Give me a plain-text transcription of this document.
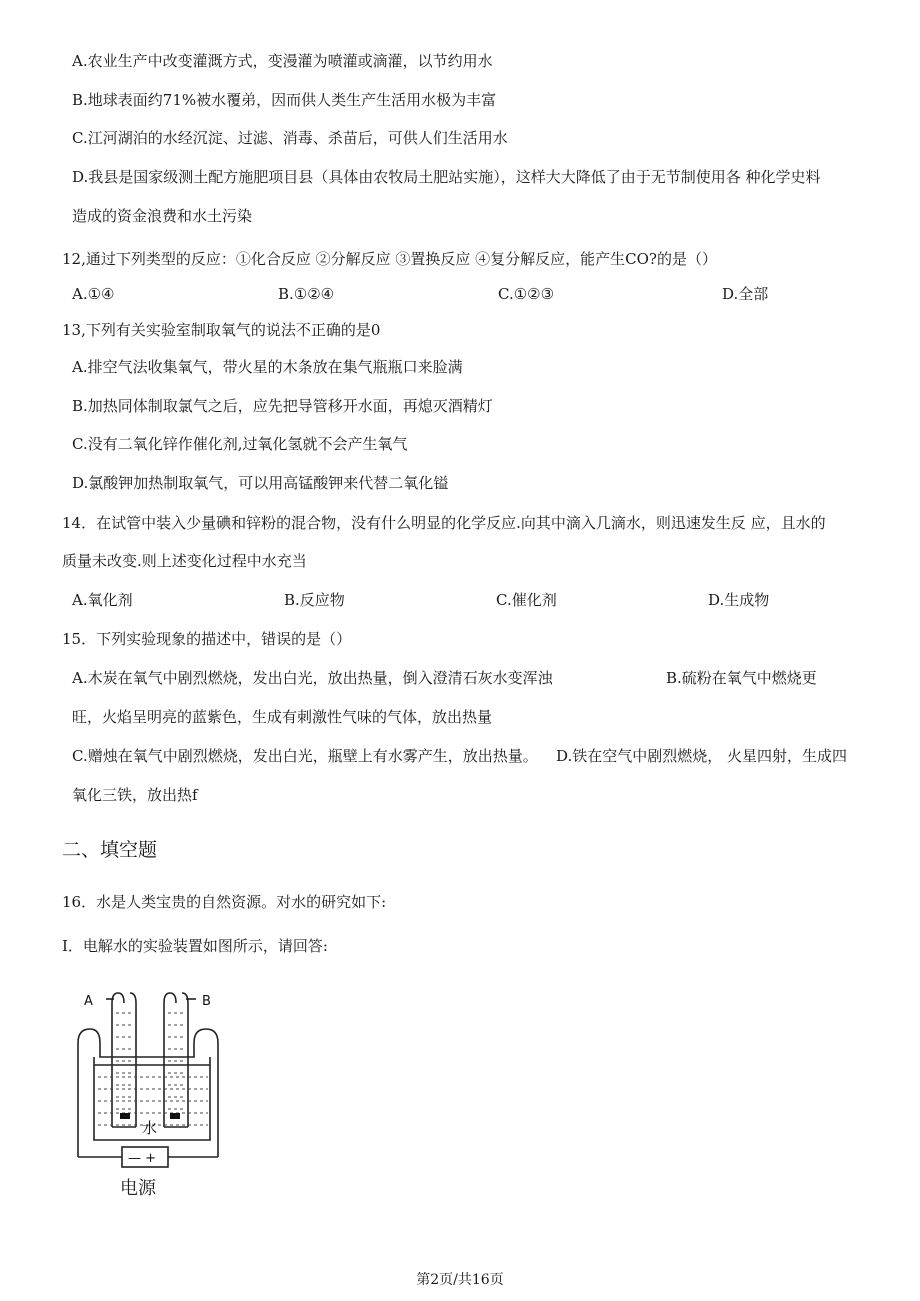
A.农业生产中改变灌溉方式，变漫灌为喷灌或滴灌，以节约用水
B.地球表面约71%被水覆弟，因而供人类生产生活用水极为丰富
C.江河湖泊的水经沉淀、过滤、消毒、杀苗后，可供人们生活用水
D.我县是国家级测土配方施肥项目县（具体由农牧局土肥站实施），这样大大降低了由于无节制使用各 种化学史料
造成的资金浪费和水土污染
12,通过下列类型的反应：①化合反应 ②分解反应 ③置换反应 ④复分解反应，能产生CO?的是（）
A.①④	B.①②④	C.①②③	D.全部
13,下列有关实验室制取氧气的说法不正确的是0
A.排空气法收集氧气，带火星的木条放在集气瓶瓶口来脸满
B.加热同体制取氯气之后，应先把导管移开水面，再熄灭酒精灯
C.没有二氧化锌作催化剂,过氧化氢就不会产生氧气
D.氯酸钾加热制取氧气，可以用高锰酸钾来代替二氧化镒
14．在试管中装入少量碘和锌粉的混合物，没有什么明显的化学反应.向其中滴入几滴水，则迅速发生反 应，且水的
质量未改变.则上述变化过程中水充当
A.氧化剂	B.反应物	C.催化剂	D.生成物
15．下列实验现象的描述中，错误的是（）
A.木炭在氧气中剧烈燃烧，发出白光，放出热量，倒入澄清石灰水变浑浊	B.硫粉在氧气中燃烧更
旺，火焰呈明亮的蓝紫色，生成有刺激性气味的气体，放出热量
C.赠烛在氧气中剧烈燃烧，发出白光，瓶壁上有水雾产生，放出热量。 D.铁在空气中剧烈燃烧， 火星四射，生成四
氧化三铁，放出热f
二、填空题
16．水是人类宝贵的自然资源。对水的研究如下:
I．电解水的实验装置如图所示，请回答:
A	B
水
— +
电源
第2页/共16页
